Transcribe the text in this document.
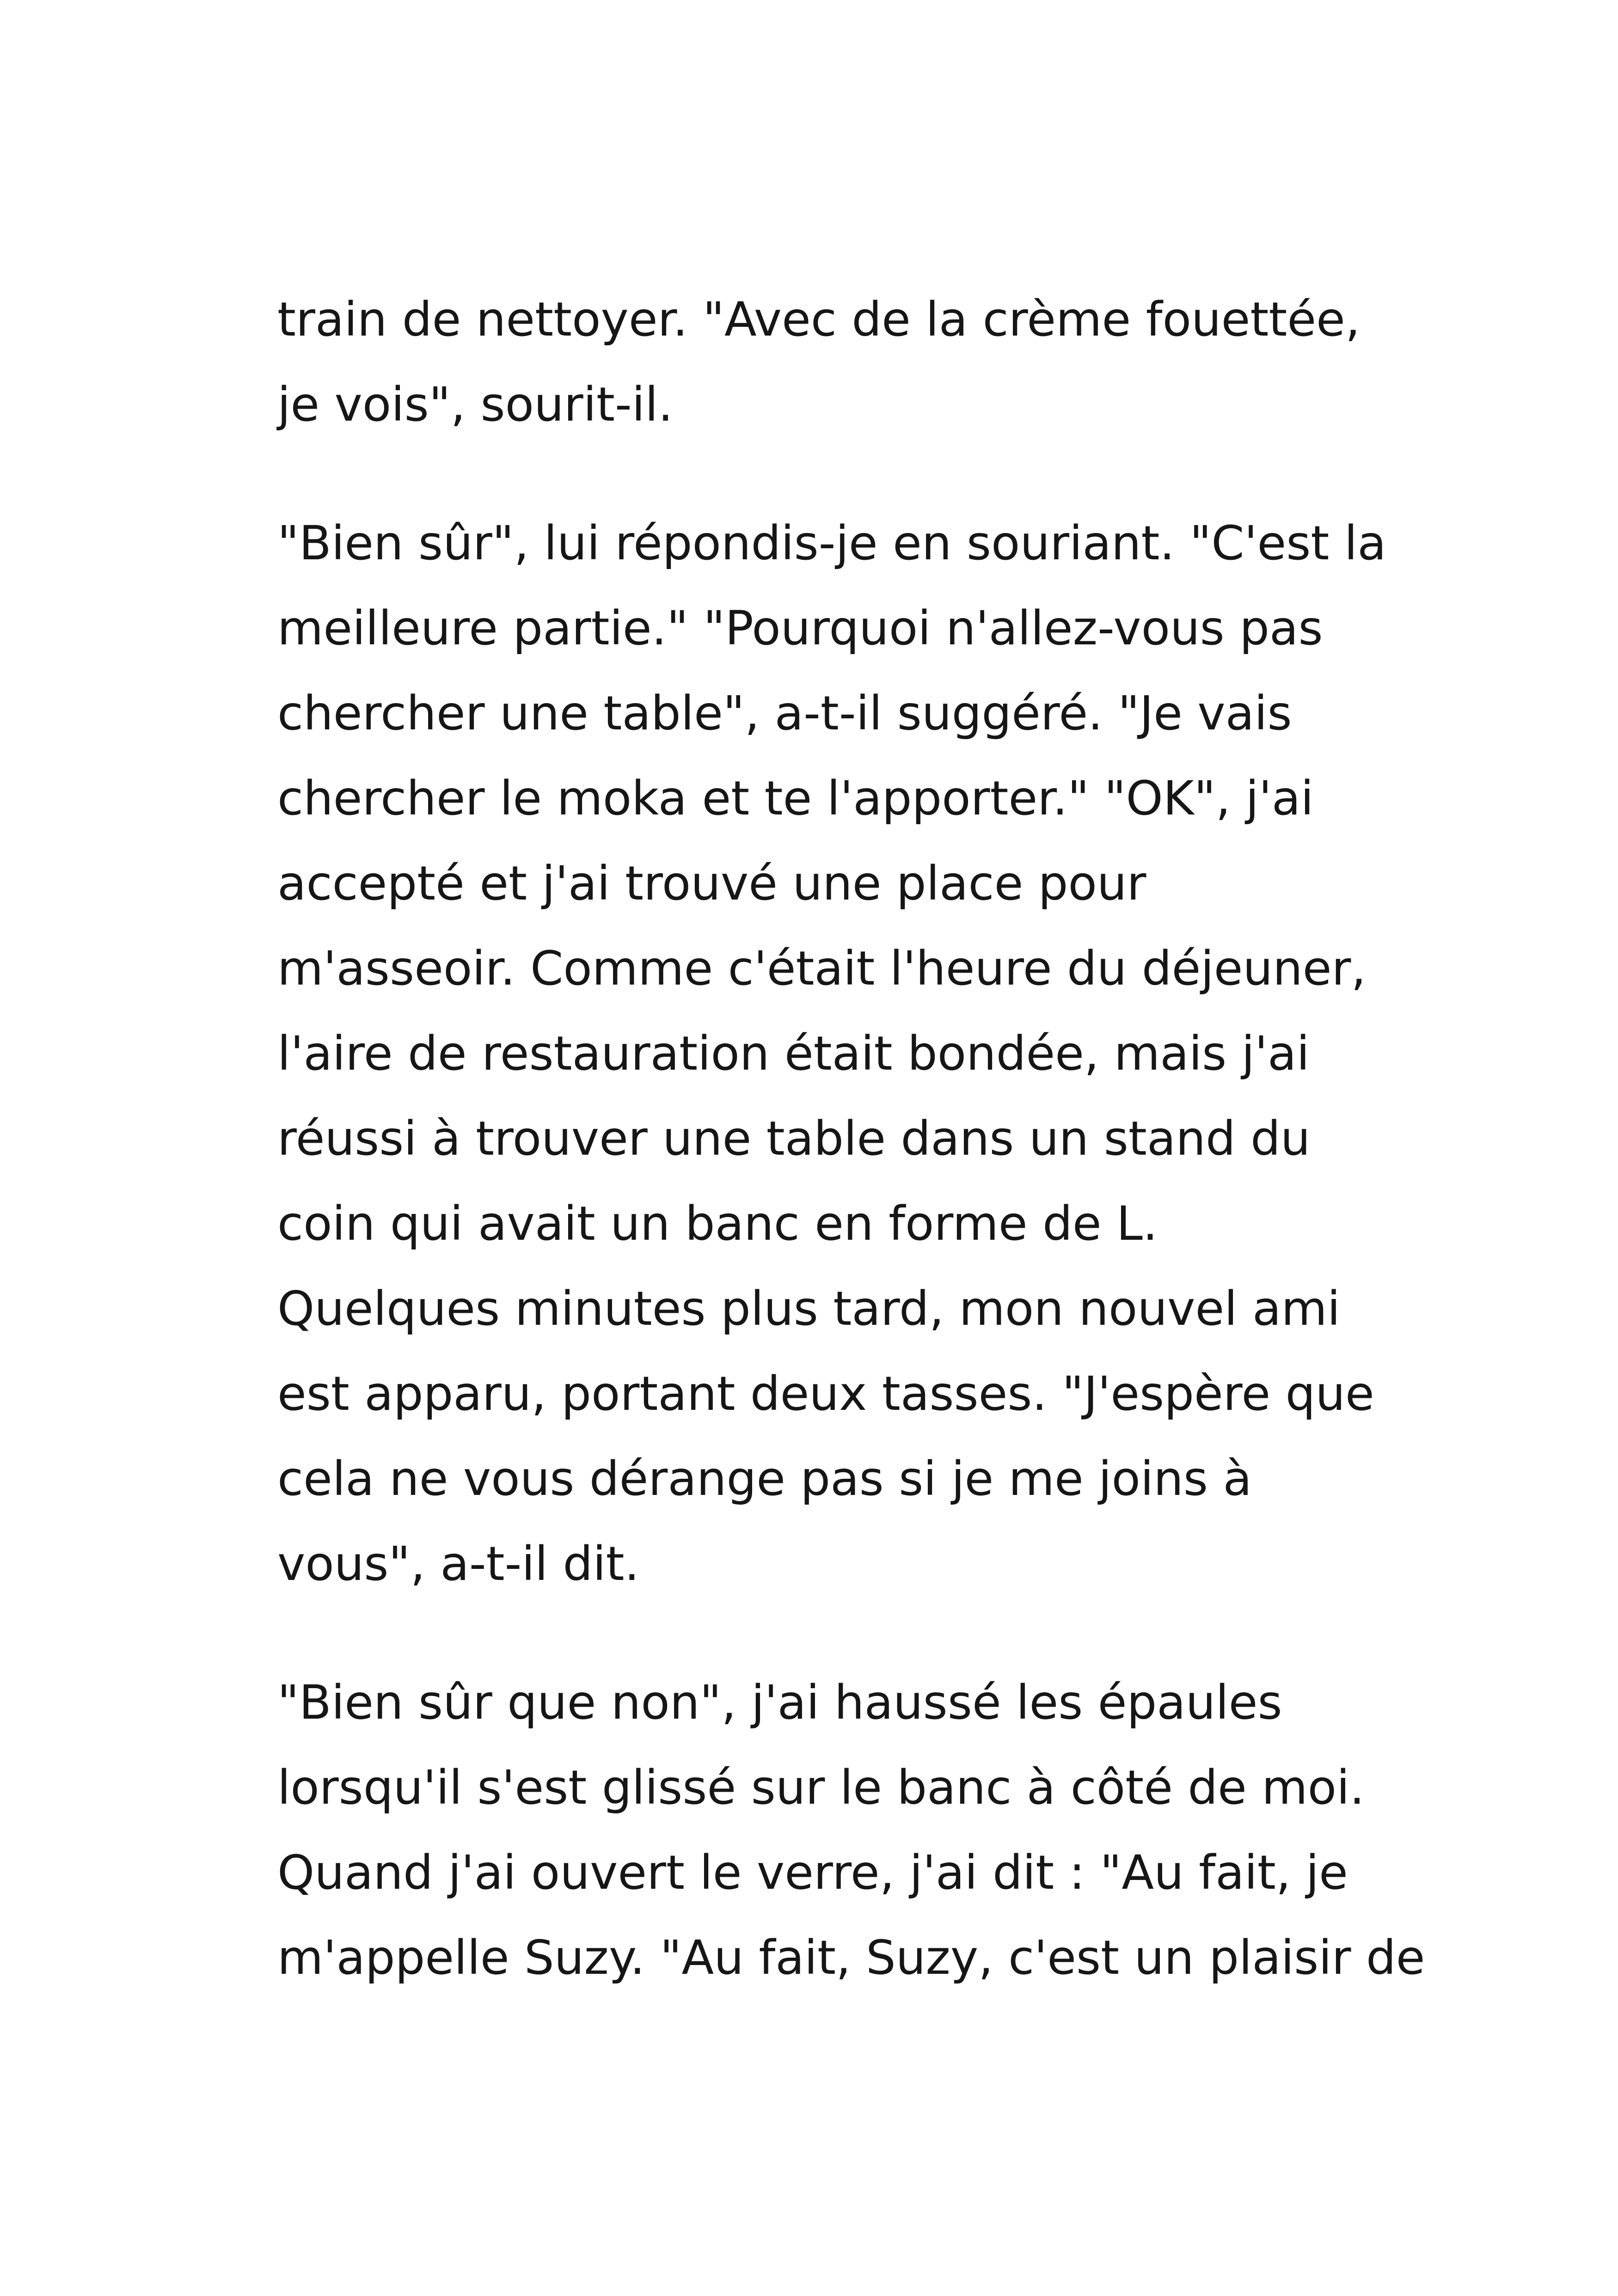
train de nettoyer. "Avec de la crème fouettée,
je vois", sourit-il.
"Bien sûr", lui répondis-je en souriant. "C'est la
meilleure partie." "Pourquoi n'allez-vous pas
chercher une table", a-t-il suggéré. "Je vais
chercher le moka et te l'apporter." "OK", j'ai
accepté et j'ai trouvé une place pour
m'asseoir. Comme c'était l'heure du déjeuner,
l'aire de restauration était bondée, mais j'ai
réussi à trouver une table dans un stand du
coin qui avait un banc en forme de L.
Quelques minutes plus tard, mon nouvel ami
est apparu, portant deux tasses. "J'espère que
cela ne vous dérange pas si je me joins à
vous", a-t-il dit.
"Bien sûr que non", j'ai haussé les épaules
lorsqu'il s'est glissé sur le banc à côté de moi.
Quand j'ai ouvert le verre, j'ai dit : "Au fait, je
m'appelle Suzy. "Au fait, Suzy, c'est un plaisir de
